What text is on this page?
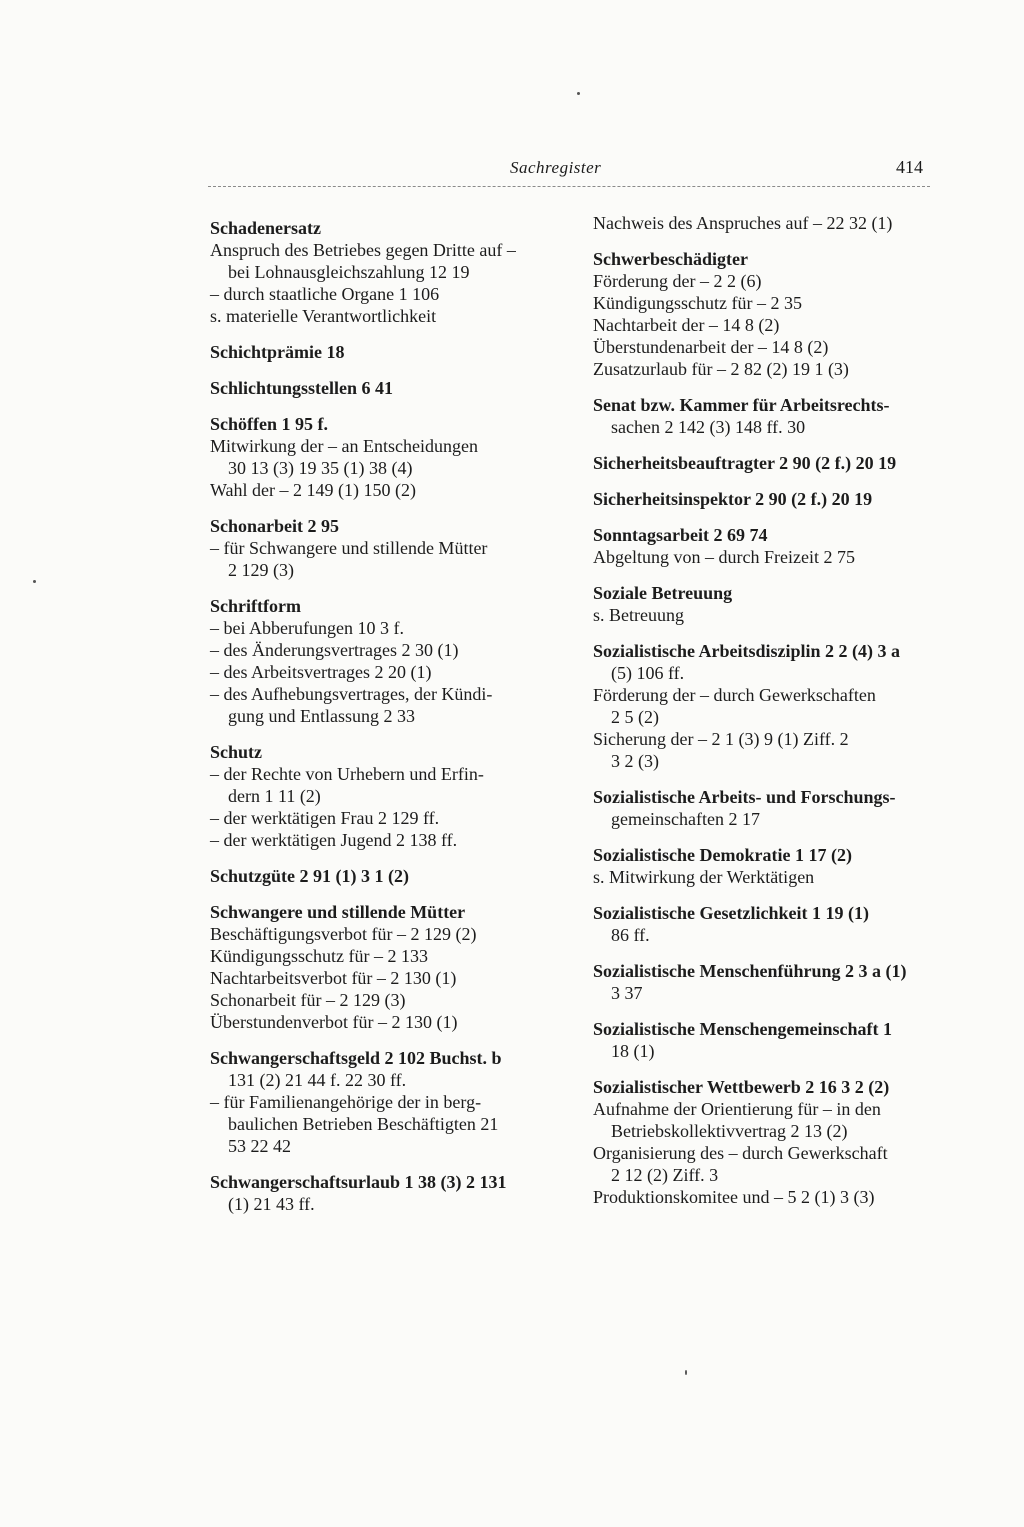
Sachregister	414
Schadenersatz
Anspruch des Betriebes gegen Dritte auf –
bei Lohnausgleichszahlung 12 19
– durch staatliche Organe 1 106
s. materielle Verantwortlichkeit
Schichtprämie 18
Schlichtungsstellen 6 41
Schöffen 1 95 f.
Mitwirkung der – an Entscheidungen
30 13 (3) 19 35 (1) 38 (4)
Wahl der – 2 149 (1) 150 (2)
Schonarbeit 2 95
– für Schwangere und stillende Mütter
2 129 (3)
Schriftform
– bei Abberufungen 10 3 f.
– des Änderungsvertrages 2 30 (1)
– des Arbeitsvertrages 2 20 (1)
– des Aufhebungsvertrages, der Kündi-
gung und Entlassung 2 33
Schutz
– der Rechte von Urhebern und Erfin-
dern 1 11 (2)
– der werktätigen Frau 2 129 ff.
– der werktätigen Jugend 2 138 ff.
Schutzgüte 2 91 (1) 3 1 (2)
Schwangere und stillende Mütter
Beschäftigungsverbot für – 2 129 (2)
Kündigungsschutz für – 2 133
Nachtarbeitsverbot für – 2 130 (1)
Schonarbeit für – 2 129 (3)
Überstundenverbot für – 2 130 (1)
Schwangerschaftsgeld 2 102 Buchst. b
131 (2) 21 44 f. 22 30 ff.
– für Familienangehörige der in berg-
baulichen Betrieben Beschäftigten 21
53 22 42
Schwangerschaftsurlaub 1 38 (3) 2 131
(1) 21 43 ff.
Nachweis des Anspruches auf – 22 32 (1)
Schwerbeschädigter
Förderung der – 2 2 (6)
Kündigungsschutz für – 2 35
Nachtarbeit der – 14 8 (2)
Überstundenarbeit der – 14 8 (2)
Zusatzurlaub für – 2 82 (2) 19 1 (3)
Senat bzw. Kammer für Arbeitsrechts-
sachen 2 142 (3) 148 ff. 30
Sicherheitsbeauftragter 2 90 (2 f.) 20 19
Sicherheitsinspektor 2 90 (2 f.) 20 19
Sonntagsarbeit 2 69 74
Abgeltung von – durch Freizeit 2 75
Soziale Betreuung
s. Betreuung
Sozialistische Arbeitsdisziplin 2 2 (4) 3 a
(5) 106 ff.
Förderung der – durch Gewerkschaften
2 5 (2)
Sicherung der – 2 1 (3) 9 (1) Ziff. 2
3 2 (3)
Sozialistische Arbeits- und Forschungs-
gemeinschaften 2 17
Sozialistische Demokratie 1 17 (2)
s. Mitwirkung der Werktätigen
Sozialistische Gesetzlichkeit 1 19 (1)
86 ff.
Sozialistische Menschenführung 2 3 a (1)
3 37
Sozialistische Menschengemeinschaft 1
18 (1)
Sozialistischer Wettbewerb 2 16 3 2 (2)
Aufnahme der Orientierung für – in den
Betriebskollektivvertrag 2 13 (2)
Organisierung des – durch Gewerkschaft
2 12 (2) Ziff. 3
Produktionskomitee und – 5 2 (1) 3 (3)
